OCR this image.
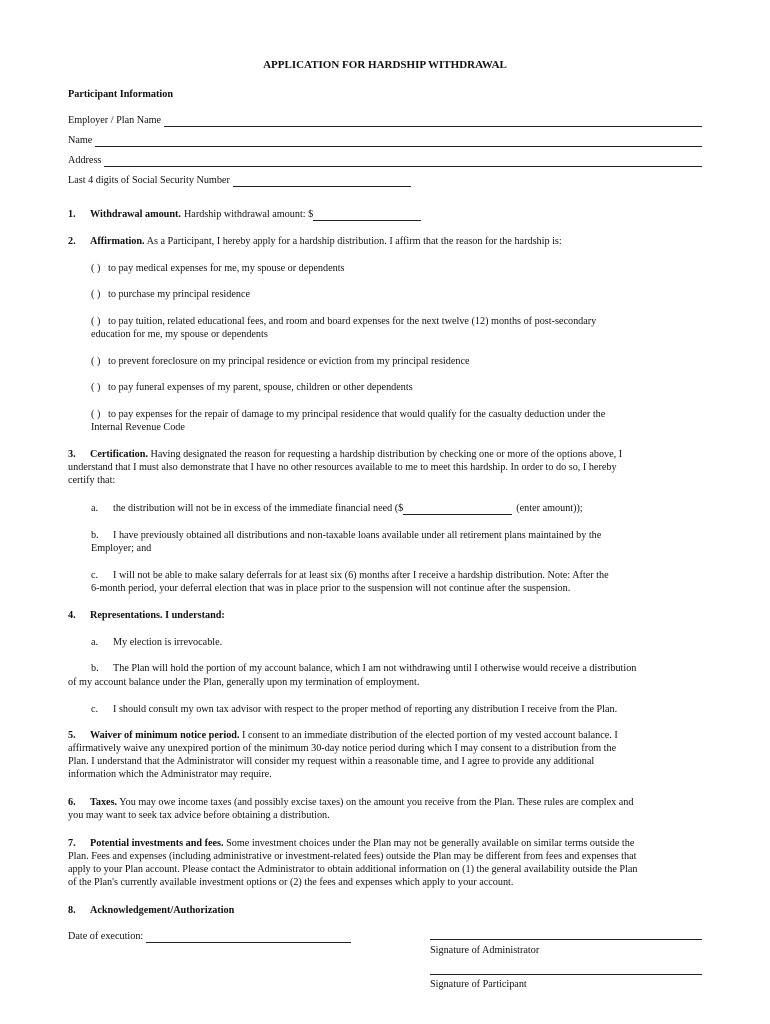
APPLICATION FOR HARDSHIP WITHDRAWAL
Participant Information
Employer / Plan Name
Name
Address
Last 4 digits of Social Security Number
1.	Withdrawal amount. Hardship withdrawal amount: $
2. Affirmation. As a Participant, I hereby apply for a hardship distribution. I affirm that the reason for the hardship is:
( ) to pay medical expenses for me, my spouse or dependents
( ) to purchase my principal residence
( ) to pay tuition, related educational fees, and room and board expenses for the next twelve (12) months of post-secondary
education for me, my spouse or dependents
( ) to prevent foreclosure on my principal residence or eviction from my principal residence
( ) to pay funeral expenses of my parent, spouse, children or other dependents
( ) to pay expenses for the repair of damage to my principal residence that would qualify for the casualty deduction under the
Internal Revenue Code
3. Certification. Having designated the reason for requesting a hardship distribution by checking one or more of the options above, I
understand that I must also demonstrate that I have no other resources available to me to meet this hardship. In order to do so, I hereby
certify that:
a.	the distribution will not be in excess of the immediate financial need ($	(enter amount));
b. I have previously obtained all distributions and non-taxable loans available under all retirement plans maintained by the
Employer; and
c. I will not be able to make salary deferrals for at least six (6) months after I receive a hardship distribution. Note: After the
6-month period, your deferral election that was in place prior to the suspension will not continue after the suspension.
4. Representations. I understand:
a. My election is irrevocable.
b. The Plan will hold the portion of my account balance, which I am not withdrawing until I otherwise would receive a distribution
of my account balance under the Plan, generally upon my termination of employment.
c. I should consult my own tax advisor with respect to the proper method of reporting any distribution I receive from the Plan.
5. Waiver of minimum notice period. I consent to an immediate distribution of the elected portion of my vested account balance. I
affirmatively waive any unexpired portion of the minimum 30-day notice period during which I may consent to a distribution from the
Plan. I understand that the Administrator will consider my request within a reasonable time, and I agree to provide any additional
information which the Administrator may require.
6. Taxes. You may owe income taxes (and possibly excise taxes) on the amount you receive from the Plan. These rules are complex and
you may want to seek tax advice before obtaining a distribution.
7. Potential investments and fees. Some investment choices under the Plan may not be generally available on similar terms outside the
Plan. Fees and expenses (including administrative or investment-related fees) outside the Plan may be different from fees and expenses that
apply to your Plan account. Please contact the Administrator to obtain additional information on (1) the general availability outside the Plan
of the Plan's currently available investment options or (2) the fees and expenses which apply to your account.
8. Acknowledgement/Authorization
Date of execution:
Signature of Administrator
Signature of Participant
